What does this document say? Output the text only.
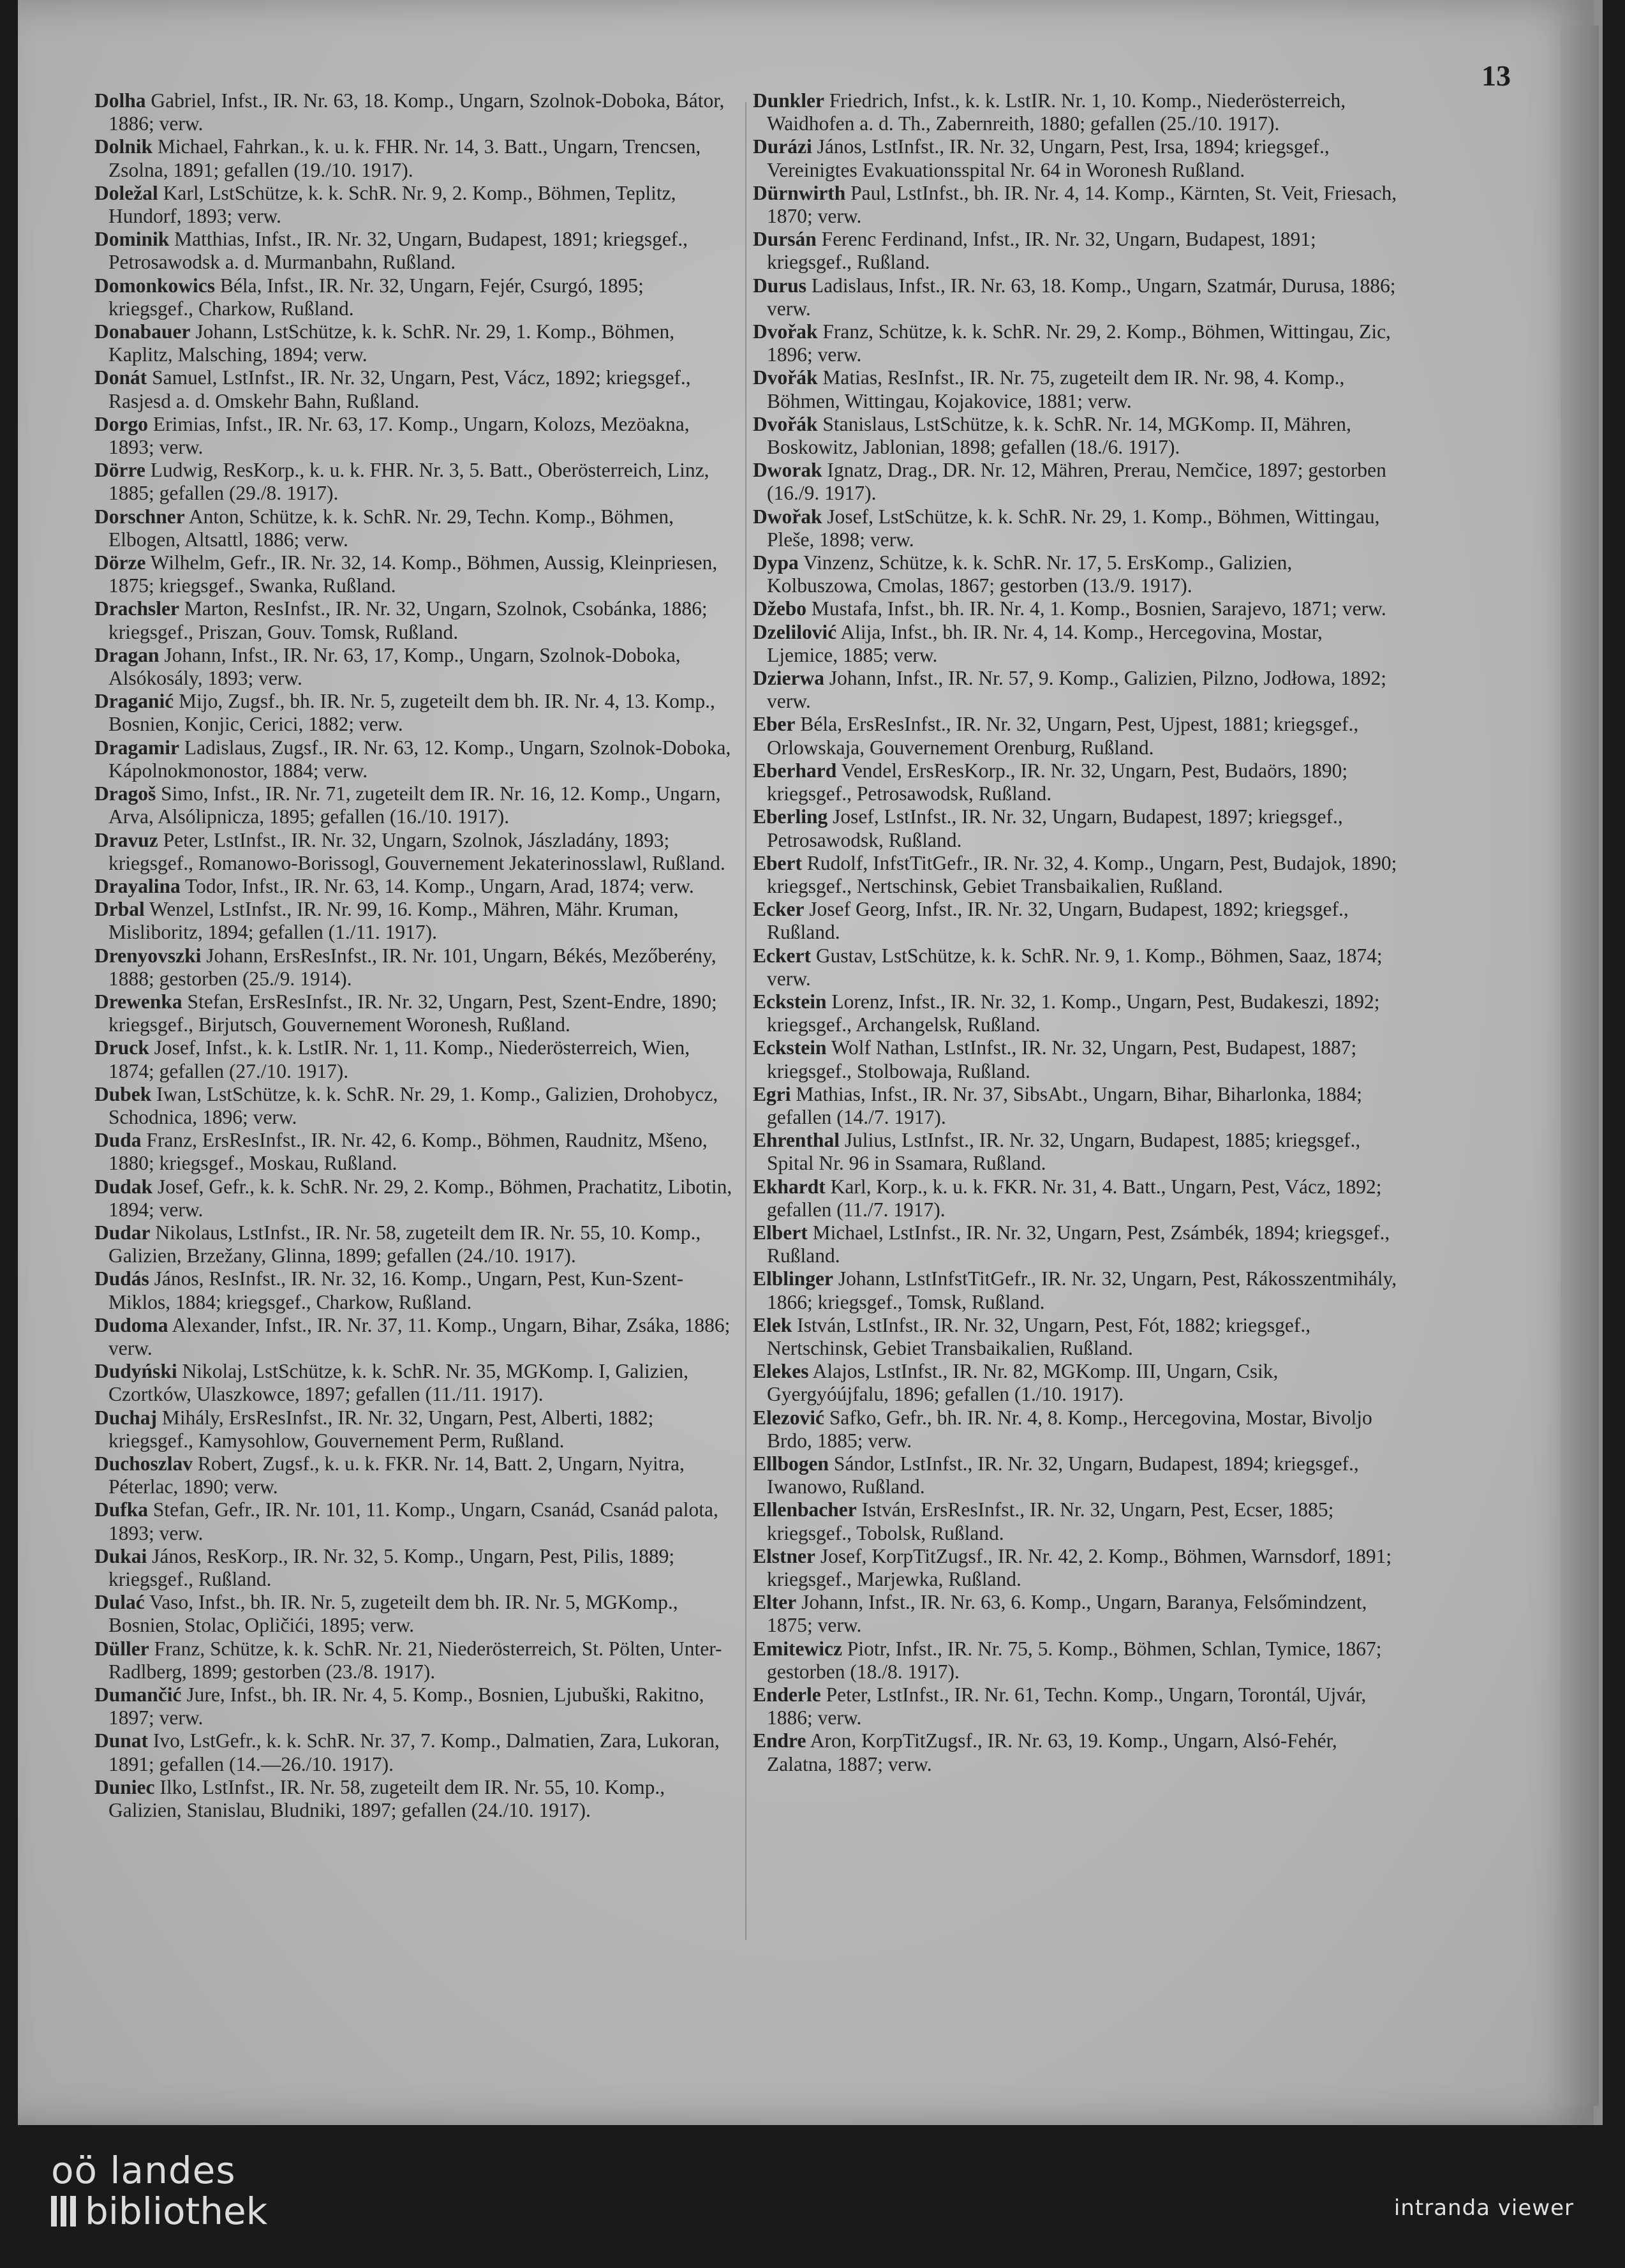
13

Dolha Gabriel, Infst., IR. Nr. 63, 18. Komp., Ungarn, Szolnok-Doboka, Bátor, 1886; verw.

Dolnik Michael, Fahrkan., k. u. k. FHR. Nr. 14, 3. Batt., Ungarn, Trencsen, Zsolna, 1891; gefallen (19./10. 1917).

Doležal Karl, LstSchütze, k. k. SchR. Nr. 9, 2. Komp., Böhmen, Teplitz, Hundorf, 1893; verw.

Dominik Matthias, Infst., IR. Nr. 32, Ungarn, Budapest, 1891; kriegsgef., Petrosawodsk a. d. Murmanbahn, Rußland.

Domonkowics Béla, Infst., IR. Nr. 32, Ungarn, Fejér, Csurgó, 1895; kriegsgef., Charkow, Rußland.

Donabauer Johann, LstSchütze, k. k. SchR. Nr. 29, 1. Komp., Böhmen, Kaplitz, Malsching, 1894; verw.

Donát Samuel, LstInfst., IR. Nr. 32, Ungarn, Pest, Vácz, 1892; kriegsgef., Rasjesd a. d. Omskehr Bahn, Rußland.

Dorgo Erimias, Infst., IR. Nr. 63, 17. Komp., Ungarn, Kolozs, Mezöakna, 1893; verw.

Dörre Ludwig, ResKorp., k. u. k. FHR. Nr. 3, 5. Batt., Oberösterreich, Linz, 1885; gefallen (29./8. 1917).

Dorschner Anton, Schütze, k. k. SchR. Nr. 29, Techn. Komp., Böhmen, Elbogen, Altsattl, 1886; verw.

Dörze Wilhelm, Gefr., IR. Nr. 32, 14. Komp., Böhmen, Aussig, Kleinpriesen, 1875; kriegsgef., Swanka, Rußland.

Drachsler Marton, ResInfst., IR. Nr. 32, Ungarn, Szolnok, Csobánka, 1886; kriegsgef., Priszan, Gouv. Tomsk, Rußland.

Dragan Johann, Infst., IR. Nr. 63, 17, Komp., Ungarn, Szolnok-Doboka, Alsókosály, 1893; verw.

Draganić Mijo, Zugsf., bh. IR. Nr. 5, zugeteilt dem bh. IR. Nr. 4, 13. Komp., Bosnien, Konjic, Cerici, 1882; verw.

Dragamir Ladislaus, Zugsf., IR. Nr. 63, 12. Komp., Ungarn, Szolnok-Doboka, Kápolnokmonostor, 1884; verw.

Dragoš Simo, Infst., IR. Nr. 71, zugeteilt dem IR. Nr. 16, 12. Komp., Ungarn, Arva, Alsólipnicza, 1895; gefallen (16./10. 1917).

Dravuz Peter, LstInfst., IR. Nr. 32, Ungarn, Szolnok, Jászladány, 1893; kriegsgef., Romanowo-Borissogl, Gouvernement Jekaterinosslawl, Rußland.

Drayalina Todor, Infst., IR. Nr. 63, 14. Komp., Ungarn, Arad, 1874; verw.

Drbal Wenzel, LstInfst., IR. Nr. 99, 16. Komp., Mähren, Mähr. Kruman, Misliboritz, 1894; gefallen (1./11. 1917).

Drenyovszki Johann, ErsResInfst., IR. Nr. 101, Ungarn, Békés, Mezőberény, 1888; gestorben (25./9. 1914).

Drewenka Stefan, ErsResInfst., IR. Nr. 32, Ungarn, Pest, Szent-Endre, 1890; kriegsgef., Birjutsch, Gouvernement Woronesh, Rußland.

Druck Josef, Infst., k. k. LstIR. Nr. 1, 11. Komp., Niederösterreich, Wien, 1874; gefallen (27./10. 1917).

Dubek Iwan, LstSchütze, k. k. SchR. Nr. 29, 1. Komp., Galizien, Drohobycz, Schodnica, 1896; verw.

Duda Franz, ErsResInfst., IR. Nr. 42, 6. Komp., Böhmen, Raudnitz, Mšeno, 1880; kriegsgef., Moskau, Rußland.

Dudak Josef, Gefr., k. k. SchR. Nr. 29, 2. Komp., Böhmen, Prachatitz, Libotin, 1894; verw.

Dudar Nikolaus, LstInfst., IR. Nr. 58, zugeteilt dem IR. Nr. 55, 10. Komp., Galizien, Brzežany, Glinna, 1899; gefallen (24./10. 1917).

Dudás János, ResInfst., IR. Nr. 32, 16. Komp., Ungarn, Pest, Kun-Szent-Miklos, 1884; kriegsgef., Charkow, Rußland.

Dudoma Alexander, Infst., IR. Nr. 37, 11. Komp., Ungarn, Bihar, Zsáka, 1886; verw.

Dudyński Nikolaj, LstSchütze, k. k. SchR. Nr. 35, MGKomp. I, Galizien, Czortków, Ulaszkowce, 1897; gefallen (11./11. 1917).

Duchaj Mihály, ErsResInfst., IR. Nr. 32, Ungarn, Pest, Alberti, 1882; kriegsgef., Kamysohlow, Gouvernement Perm, Rußland.

Duchoszlav Robert, Zugsf., k. u. k. FKR. Nr. 14, Batt. 2, Ungarn, Nyitra, Péterlac, 1890; verw.

Dufka Stefan, Gefr., IR. Nr. 101, 11. Komp., Ungarn, Csanád, Csanád palota, 1893; verw.

Dukai János, ResKorp., IR. Nr. 32, 5. Komp., Ungarn, Pest, Pilis, 1889; kriegsgef., Rußland.

Dulać Vaso, Infst., bh. IR. Nr. 5, zugeteilt dem bh. IR. Nr. 5, MGKomp., Bosnien, Stolac, Opličići, 1895; verw.

Düller Franz, Schütze, k. k. SchR. Nr. 21, Niederösterreich, St. Pölten, Unter-Radlberg, 1899; gestorben (23./8. 1917).

Dumančić Jure, Infst., bh. IR. Nr. 4, 5. Komp., Bosnien, Ljubuški, Rakitno, 1897; verw.

Dunat Ivo, LstGefr., k. k. SchR. Nr. 37, 7. Komp., Dalmatien, Zara, Lukoran, 1891; gefallen (14.—26./10. 1917).

Duniec Ilko, LstInfst., IR. Nr. 58, zugeteilt dem IR. Nr. 55, 10. Komp., Galizien, Stanislau, Bludniki, 1897; gefallen (24./10. 1917).

Dunkler Friedrich, Infst., k. k. LstIR. Nr. 1, 10. Komp., Niederösterreich, Waidhofen a. d. Th., Zabernreith, 1880; gefallen (25./10. 1917).

Durázi János, LstInfst., IR. Nr. 32, Ungarn, Pest, Irsa, 1894; kriegsgef., Vereinigtes Evakuationsspital Nr. 64 in Woronesh Rußland.

Dürnwirth Paul, LstInfst., bh. IR. Nr. 4, 14. Komp., Kärnten, St. Veit, Friesach, 1870; verw.

Dursán Ferenc Ferdinand, Infst., IR. Nr. 32, Ungarn, Budapest, 1891; kriegsgef., Rußland.

Durus Ladislaus, Infst., IR. Nr. 63, 18. Komp., Ungarn, Szatmár, Durusa, 1886; verw.

Dvořak Franz, Schütze, k. k. SchR. Nr. 29, 2. Komp., Böhmen, Wittingau, Zic, 1896; verw.

Dvořák Matias, ResInfst., IR. Nr. 75, zugeteilt dem IR. Nr. 98, 4. Komp., Böhmen, Wittingau, Kojakovice, 1881; verw.

Dvořák Stanislaus, LstSchütze, k. k. SchR. Nr. 14, MGKomp. II, Mähren, Boskowitz, Jablonian, 1898; gefallen (18./6. 1917).

Dworak Ignatz, Drag., DR. Nr. 12, Mähren, Prerau, Nemčice, 1897; gestorben (16./9. 1917).

Dwořak Josef, LstSchütze, k. k. SchR. Nr. 29, 1. Komp., Böhmen, Wittingau, Pleše, 1898; verw.

Dypa Vinzenz, Schütze, k. k. SchR. Nr. 17, 5. ErsKomp., Galizien, Kolbuszowa, Cmolas, 1867; gestorben (13./9. 1917).

Džebo Mustafa, Infst., bh. IR. Nr. 4, 1. Komp., Bosnien, Sarajevo, 1871; verw.

Dzelilović Alija, Infst., bh. IR. Nr. 4, 14. Komp., Hercegovina, Mostar, Ljemice, 1885; verw.

Dzierwa Johann, Infst., IR. Nr. 57, 9. Komp., Galizien, Pilzno, Jodłowa, 1892; verw.

Eber Béla, ErsResInfst., IR. Nr. 32, Ungarn, Pest, Ujpest, 1881; kriegsgef., Orlowskaja, Gouvernement Orenburg, Rußland.

Eberhard Vendel, ErsResKorp., IR. Nr. 32, Ungarn, Pest, Budaörs, 1890; kriegsgef., Petrosawodsk, Rußland.

Eberling Josef, LstInfst., IR. Nr. 32, Ungarn, Budapest, 1897; kriegsgef., Petrosawodsk, Rußland.

Ebert Rudolf, InfstTitGefr., IR. Nr. 32, 4. Komp., Ungarn, Pest, Budajok, 1890; kriegsgef., Nertschinsk, Gebiet Transbaikalien, Rußland.

Ecker Josef Georg, Infst., IR. Nr. 32, Ungarn, Budapest, 1892; kriegsgef., Rußland.

Eckert Gustav, LstSchütze, k. k. SchR. Nr. 9, 1. Komp., Böhmen, Saaz, 1874; verw.

Eckstein Lorenz, Infst., IR. Nr. 32, 1. Komp., Ungarn, Pest, Budakeszi, 1892; kriegsgef., Archangelsk, Rußland.

Eckstein Wolf Nathan, LstInfst., IR. Nr. 32, Ungarn, Pest, Budapest, 1887; kriegsgef., Stolbowaja, Rußland.

Egri Mathias, Infst., IR. Nr. 37, SibsAbt., Ungarn, Bihar, Biharlonka, 1884; gefallen (14./7. 1917).

Ehrenthal Julius, LstInfst., IR. Nr. 32, Ungarn, Budapest, 1885; kriegsgef., Spital Nr. 96 in Ssamara, Rußland.

Ekhardt Karl, Korp., k. u. k. FKR. Nr. 31, 4. Batt., Ungarn, Pest, Vácz, 1892; gefallen (11./7. 1917).

Elbert Michael, LstInfst., IR. Nr. 32, Ungarn, Pest, Zsámbék, 1894; kriegsgef., Rußland.

Elblinger Johann, LstInfstTitGefr., IR. Nr. 32, Ungarn, Pest, Rákosszentmihály, 1866; kriegsgef., Tomsk, Rußland.

Elek István, LstInfst., IR. Nr. 32, Ungarn, Pest, Fót, 1882; kriegsgef., Nertschinsk, Gebiet Transbaikalien, Rußland.

Elekes Alajos, LstInfst., IR. Nr. 82, MGKomp. III, Ungarn, Csik, Gyergyóújfalu, 1896; gefallen (1./10. 1917).

Elezović Safko, Gefr., bh. IR. Nr. 4, 8. Komp., Hercegovina, Mostar, Bivoljo Brdo, 1885; verw.

Ellbogen Sándor, LstInfst., IR. Nr. 32, Ungarn, Budapest, 1894; kriegsgef., Iwanowo, Rußland.

Ellenbacher István, ErsResInfst., IR. Nr. 32, Ungarn, Pest, Ecser, 1885; kriegsgef., Tobolsk, Rußland.

Elstner Josef, KorpTitZugsf., IR. Nr. 42, 2. Komp., Böhmen, Warnsdorf, 1891; kriegsgef., Marjewka, Rußland.

Elter Johann, Infst., IR. Nr. 63, 6. Komp., Ungarn, Baranya, Felsőmindzent, 1875; verw.

Emitewicz Piotr, Infst., IR. Nr. 75, 5. Komp., Böhmen, Schlan, Tymice, 1867; gestorben (18./8. 1917).

Enderle Peter, LstInfst., IR. Nr. 61, Techn. Komp., Ungarn, Torontál, Ujvár, 1886; verw.

Endre Aron, KorpTitZugsf., IR. Nr. 63, 19. Komp., Ungarn, Alsó-Fehér, Zalatna, 1887; verw.

oö landes
bibliothek	intranda viewer
